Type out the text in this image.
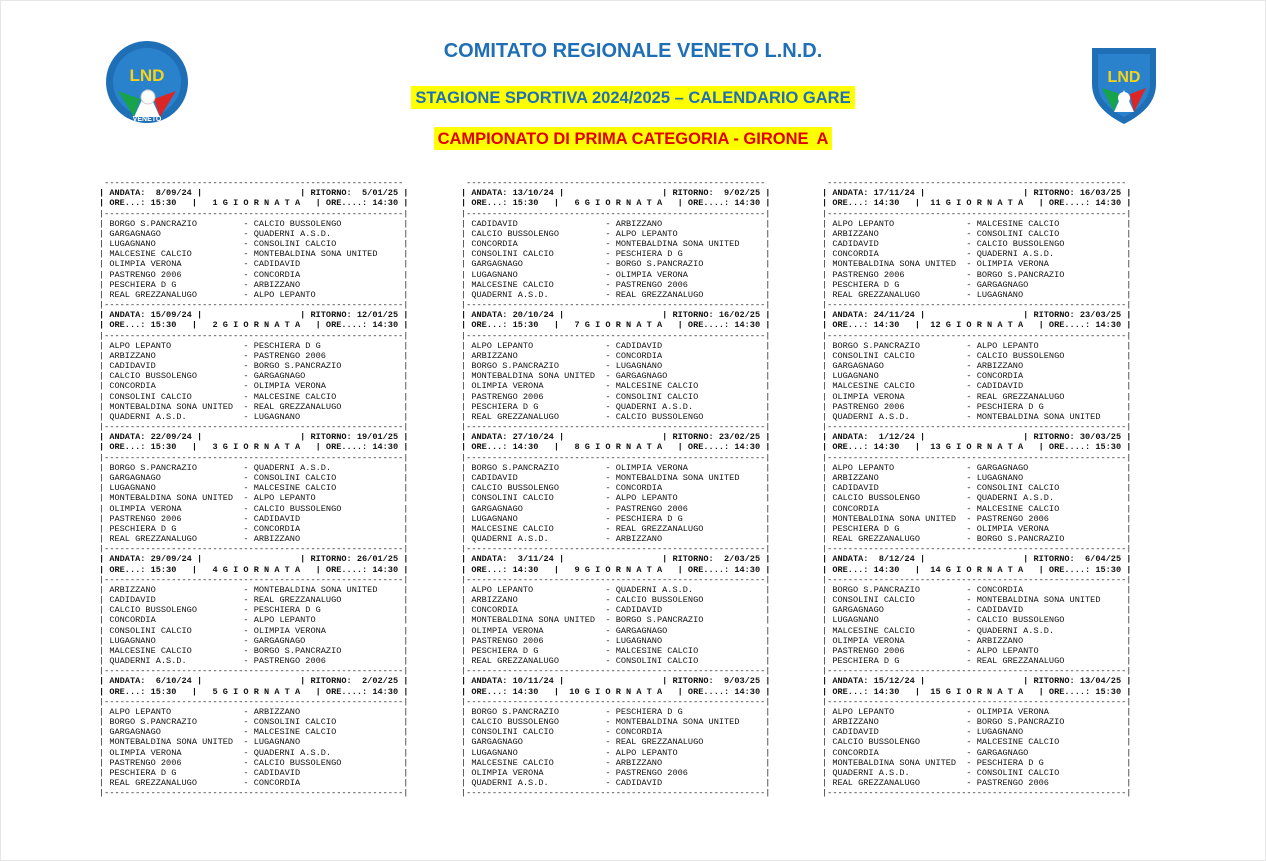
LND
VENETO
LND
COMITATO REGIONALE VENETO L.N.D.
STAGIONE SPORTIVA 2024/2025 – CALENDARIO GARE
CAMPIONATO DI PRIMA CATEGORIA - GIRONEA
----------------------------------------------------------
| ANDATA:  8/09/24 |                   | RITORNO:  5/01/25 |
| ORE...: 15:30   |   1 G I O R N A T A   | ORE....: 14:30 |
|----------------------------------------------------------|
| BORGO S.PANCRAZIO         - CALCIO BUSSOLENGO            |
| GARGAGNAGO                - QUADERNI A.S.D.              |
| LUGAGNANO                 - CONSOLINI CALCIO             |
| MALCESINE CALCIO          - MONTEBALDINA SONA UNITED     |
| OLIMPIA VERONA            - CADIDAVID                    |
| PASTRENGO 2006            - CONCORDIA                    |
| PESCHIERA D G             - ARBIZZANO                    |
| REAL GREZZANALUGO         - ALPO LEPANTO                 |
|----------------------------------------------------------|
| ANDATA: 15/09/24 |                   | RITORNO: 12/01/25 |
| ORE...: 15:30   |   2 G I O R N A T A   | ORE....: 14:30 |
|----------------------------------------------------------|
| ALPO LEPANTO              - PESCHIERA D G                |
| ARBIZZANO                 - PASTRENGO 2006               |
| CADIDAVID                 - BORGO S.PANCRAZIO            |
| CALCIO BUSSOLENGO         - GARGAGNAGO                   |
| CONCORDIA                 - OLIMPIA VERONA               |
| CONSOLINI CALCIO          - MALCESINE CALCIO             |
| MONTEBALDINA SONA UNITED  - REAL GREZZANALUGO            |
| QUADERNI A.S.D.           - LUGAGNANO                    |
|----------------------------------------------------------|
| ANDATA: 22/09/24 |                   | RITORNO: 19/01/25 |
| ORE...: 15:30   |   3 G I O R N A T A   | ORE....: 14:30 |
|----------------------------------------------------------|
| BORGO S.PANCRAZIO         - QUADERNI A.S.D.              |
| GARGAGNAGO                - CONSOLINI CALCIO             |
| LUGAGNANO                 - MALCESINE CALCIO             |
| MONTEBALDINA SONA UNITED  - ALPO LEPANTO                 |
| OLIMPIA VERONA            - CALCIO BUSSOLENGO            |
| PASTRENGO 2006            - CADIDAVID                    |
| PESCHIERA D G             - CONCORDIA                    |
| REAL GREZZANALUGO         - ARBIZZANO                    |
|----------------------------------------------------------|
| ANDATA: 29/09/24 |                   | RITORNO: 26/01/25 |
| ORE...: 15:30   |   4 G I O R N A T A   | ORE....: 14:30 |
|----------------------------------------------------------|
| ARBIZZANO                 - MONTEBALDINA SONA UNITED     |
| CADIDAVID                 - REAL GREZZANALUGO            |
| CALCIO BUSSOLENGO         - PESCHIERA D G                |
| CONCORDIA                 - ALPO LEPANTO                 |
| CONSOLINI CALCIO          - OLIMPIA VERONA               |
| LUGAGNANO                 - GARGAGNAGO                   |
| MALCESINE CALCIO          - BORGO S.PANCRAZIO            |
| QUADERNI A.S.D.           - PASTRENGO 2006               |
|----------------------------------------------------------|
| ANDATA:  6/10/24 |                   | RITORNO:  2/02/25 |
| ORE...: 15:30   |   5 G I O R N A T A   | ORE....: 14:30 |
|----------------------------------------------------------|
| ALPO LEPANTO              - ARBIZZANO                    |
| BORGO S.PANCRAZIO         - CONSOLINI CALCIO             |
| GARGAGNAGO                - MALCESINE CALCIO             |
| MONTEBALDINA SONA UNITED  - LUGAGNANO                    |
| OLIMPIA VERONA            - QUADERNI A.S.D.              |
| PASTRENGO 2006            - CALCIO BUSSOLENGO            |
| PESCHIERA D G             - CADIDAVID                    |
| REAL GREZZANALUGO         - CONCORDIA                    |
|----------------------------------------------------------|
----------------------------------------------------------
| ANDATA: 13/10/24 |                   | RITORNO:  9/02/25 |
| ORE...: 15:30   |   6 G I O R N A T A   | ORE....: 14:30 |
|----------------------------------------------------------|
| CADIDAVID                 - ARBIZZANO                    |
| CALCIO BUSSOLENGO         - ALPO LEPANTO                 |
| CONCORDIA                 - MONTEBALDINA SONA UNITED     |
| CONSOLINI CALCIO          - PESCHIERA D G                |
| GARGAGNAGO                - BORGO S.PANCRAZIO            |
| LUGAGNANO                 - OLIMPIA VERONA               |
| MALCESINE CALCIO          - PASTRENGO 2006               |
| QUADERNI A.S.D.           - REAL GREZZANALUGO            |
|----------------------------------------------------------|
| ANDATA: 20/10/24 |                   | RITORNO: 16/02/25 |
| ORE...: 15:30   |   7 G I O R N A T A   | ORE....: 14:30 |
|----------------------------------------------------------|
| ALPO LEPANTO              - CADIDAVID                    |
| ARBIZZANO                 - CONCORDIA                    |
| BORGO S.PANCRAZIO         - LUGAGNANO                    |
| MONTEBALDINA SONA UNITED  - GARGAGNAGO                   |
| OLIMPIA VERONA            - MALCESINE CALCIO             |
| PASTRENGO 2006            - CONSOLINI CALCIO             |
| PESCHIERA D G             - QUADERNI A.S.D.              |
| REAL GREZZANALUGO         - CALCIO BUSSOLENGO            |
|----------------------------------------------------------|
| ANDATA: 27/10/24 |                   | RITORNO: 23/02/25 |
| ORE...: 14:30   |   8 G I O R N A T A   | ORE....: 14:30 |
|----------------------------------------------------------|
| BORGO S.PANCRAZIO         - OLIMPIA VERONA               |
| CADIDAVID                 - MONTEBALDINA SONA UNITED     |
| CALCIO BUSSOLENGO         - CONCORDIA                    |
| CONSOLINI CALCIO          - ALPO LEPANTO                 |
| GARGAGNAGO                - PASTRENGO 2006               |
| LUGAGNANO                 - PESCHIERA D G                |
| MALCESINE CALCIO          - REAL GREZZANALUGO            |
| QUADERNI A.S.D.           - ARBIZZANO                    |
|----------------------------------------------------------|
| ANDATA:  3/11/24 |                   | RITORNO:  2/03/25 |
| ORE...: 14:30   |   9 G I O R N A T A   | ORE....: 14:30 |
|----------------------------------------------------------|
| ALPO LEPANTO              - QUADERNI A.S.D.              |
| ARBIZZANO                 - CALCIO BUSSOLENGO            |
| CONCORDIA                 - CADIDAVID                    |
| MONTEBALDINA SONA UNITED  - BORGO S.PANCRAZIO            |
| OLIMPIA VERONA            - GARGAGNAGO                   |
| PASTRENGO 2006            - LUGAGNANO                    |
| PESCHIERA D G             - MALCESINE CALCIO             |
| REAL GREZZANALUGO         - CONSOLINI CALCIO             |
|----------------------------------------------------------|
| ANDATA: 10/11/24 |                   | RITORNO:  9/03/25 |
| ORE...: 14:30   |  10 G I O R N A T A   | ORE....: 14:30 |
|----------------------------------------------------------|
| BORGO S.PANCRAZIO         - PESCHIERA D G                |
| CALCIO BUSSOLENGO         - MONTEBALDINA SONA UNITED     |
| CONSOLINI CALCIO          - CONCORDIA                    |
| GARGAGNAGO                - REAL GREZZANALUGO            |
| LUGAGNANO                 - ALPO LEPANTO                 |
| MALCESINE CALCIO          - ARBIZZANO                    |
| OLIMPIA VERONA            - PASTRENGO 2006               |
| QUADERNI A.S.D.           - CADIDAVID                    |
|----------------------------------------------------------|
----------------------------------------------------------
| ANDATA: 17/11/24 |                   | RITORNO: 16/03/25 |
| ORE...: 14:30   |  11 G I O R N A T A   | ORE....: 14:30 |
|----------------------------------------------------------|
| ALPO LEPANTO              - MALCESINE CALCIO             |
| ARBIZZANO                 - CONSOLINI CALCIO             |
| CADIDAVID                 - CALCIO BUSSOLENGO            |
| CONCORDIA                 - QUADERNI A.S.D.              |
| MONTEBALDINA SONA UNITED  - OLIMPIA VERONA               |
| PASTRENGO 2006            - BORGO S.PANCRAZIO            |
| PESCHIERA D G             - GARGAGNAGO                   |
| REAL GREZZANALUGO         - LUGAGNANO                    |
|----------------------------------------------------------|
| ANDATA: 24/11/24 |                   | RITORNO: 23/03/25 |
| ORE...: 14:30   |  12 G I O R N A T A   | ORE....: 14:30 |
|----------------------------------------------------------|
| BORGO S.PANCRAZIO         - ALPO LEPANTO                 |
| CONSOLINI CALCIO          - CALCIO BUSSOLENGO            |
| GARGAGNAGO                - ARBIZZANO                    |
| LUGAGNANO                 - CONCORDIA                    |
| MALCESINE CALCIO          - CADIDAVID                    |
| OLIMPIA VERONA            - REAL GREZZANALUGO            |
| PASTRENGO 2006            - PESCHIERA D G                |
| QUADERNI A.S.D.           - MONTEBALDINA SONA UNITED     |
|----------------------------------------------------------|
| ANDATA:  1/12/24 |                   | RITORNO: 30/03/25 |
| ORE...: 14:30   |  13 G I O R N A T A   | ORE....: 15:30 |
|----------------------------------------------------------|
| ALPO LEPANTO              - GARGAGNAGO                   |
| ARBIZZANO                 - LUGAGNANO                    |
| CADIDAVID                 - CONSOLINI CALCIO             |
| CALCIO BUSSOLENGO         - QUADERNI A.S.D.              |
| CONCORDIA                 - MALCESINE CALCIO             |
| MONTEBALDINA SONA UNITED  - PASTRENGO 2006               |
| PESCHIERA D G             - OLIMPIA VERONA               |
| REAL GREZZANALUGO         - BORGO S.PANCRAZIO            |
|----------------------------------------------------------|
| ANDATA:  8/12/24 |                   | RITORNO:  6/04/25 |
| ORE...: 14:30   |  14 G I O R N A T A   | ORE....: 15:30 |
|----------------------------------------------------------|
| BORGO S.PANCRAZIO         - CONCORDIA                    |
| CONSOLINI CALCIO          - MONTEBALDINA SONA UNITED     |
| GARGAGNAGO                - CADIDAVID                    |
| LUGAGNANO                 - CALCIO BUSSOLENGO            |
| MALCESINE CALCIO          - QUADERNI A.S.D.              |
| OLIMPIA VERONA            - ARBIZZANO                    |
| PASTRENGO 2006            - ALPO LEPANTO                 |
| PESCHIERA D G             - REAL GREZZANALUGO            |
|----------------------------------------------------------|
| ANDATA: 15/12/24 |                   | RITORNO: 13/04/25 |
| ORE...: 14:30   |  15 G I O R N A T A   | ORE....: 15:30 |
|----------------------------------------------------------|
| ALPO LEPANTO              - OLIMPIA VERONA               |
| ARBIZZANO                 - BORGO S.PANCRAZIO            |
| CADIDAVID                 - LUGAGNANO                    |
| CALCIO BUSSOLENGO         - MALCESINE CALCIO             |
| CONCORDIA                 - GARGAGNAGO                   |
| MONTEBALDINA SONA UNITED  - PESCHIERA D G                |
| QUADERNI A.S.D.           - CONSOLINI CALCIO             |
| REAL GREZZANALUGO         - PASTRENGO 2006               |
|----------------------------------------------------------|
